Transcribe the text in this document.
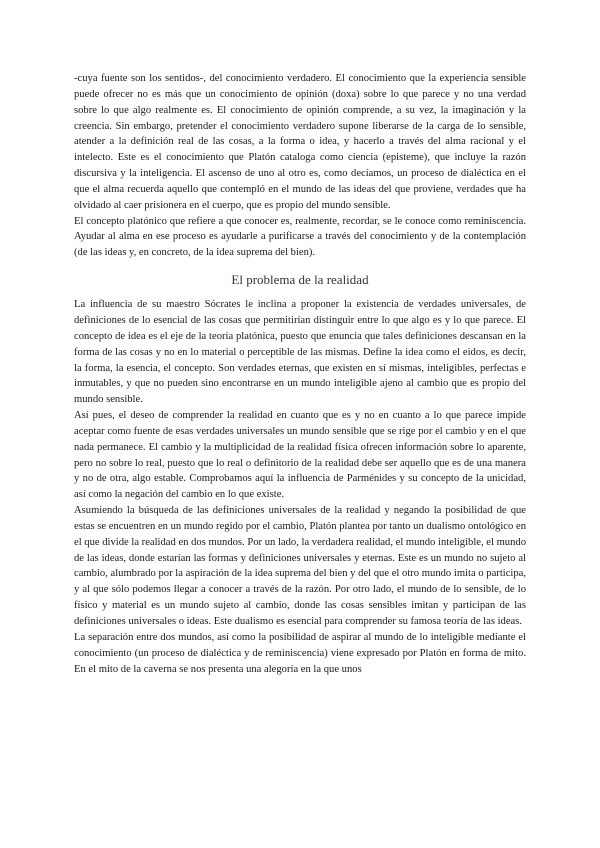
-cuya fuente son los sentidos-, del conocimiento verdadero. El conocimiento que la experiencia sensible puede ofrecer no es más que un conocimiento de opinión (doxa) sobre lo que parece y no una verdad sobre lo que algo realmente es. El conocimiento de opinión comprende, a su vez, la imaginación y la creencia. Sin embargo, pretender el conocimiento verdadero supone liberarse de la carga de lo sensible, atender a la definición real de las cosas, a la forma o idea, y hacerlo a través del alma racional y el intelecto. Este es el conocimiento que Platón cataloga como ciencia (episteme), que incluye la razón discursiva y la inteligencia. El ascenso de uno al otro es, como decíamos, un proceso de dialéctica en el que el alma recuerda aquello que contempló en el mundo de las ideas del que proviene, verdades que ha olvidado al caer prisionera en el cuerpo, que es propio del mundo sensible.

El concepto platónico que refiere a que conocer es, realmente, recordar, se le conoce como reminiscencia. Ayudar al alma en ese proceso es ayudarle a purificarse a través del conocimiento y de la contemplación (de las ideas y, en concreto, de la idea suprema del bien).

El problema de la realidad

La influencia de su maestro Sócrates le inclina a proponer la existencia de verdades universales, de definiciones de lo esencial de las cosas que permitirían distinguir entre lo que algo es y lo que parece. El concepto de idea es el eje de la teoría platónica, puesto que enuncia que tales definiciones descansan en la forma de las cosas y no en lo material o perceptible de las mismas. Define la idea como el eidos, es decir, la forma, la esencia, el concepto. Son verdades eternas, que existen en sí mismas, inteligibles, perfectas e inmutables, y que no pueden sino encontrarse en un mundo inteligible ajeno al cambio que es propio del mundo sensible.

Así pues, el deseo de comprender la realidad en cuanto que es y no en cuanto a lo que parece impide aceptar como fuente de esas verdades universales un mundo sensible que se rige por el cambio y en el que nada permanece. El cambio y la multiplicidad de la realidad física ofrecen información sobre lo aparente, pero no sobre lo real, puesto que lo real o definitorio de la realidad debe ser aquello que es de una manera y no de otra, algo estable. Comprobamos aquí la influencia de Parménides y su concepto de la unicidad, así como la negación del cambio en lo que existe.

Asumiendo la búsqueda de las definiciones universales de la realidad y negando la posibilidad de que estas se encuentren en un mundo regido por el cambio, Platón plantea por tanto un dualismo ontológico en el que divide la realidad en dos mundos. Por un lado, la verdadera realidad, el mundo inteligible, el mundo de las ideas, donde estarían las formas y definiciones universales y eternas. Este es un mundo no sujeto al cambio, alumbrado por la aspiración de la idea suprema del bien y del que el otro mundo imita o participa, y al que sólo podemos llegar a conocer a través de la razón. Por otro lado, el mundo de lo sensible, de lo físico y material es un mundo sujeto al cambio, donde las cosas sensibles imitan y participan de las definiciones universales o ideas. Este dualismo es esencial para comprender su famosa teoría de las ideas.

La separación entre dos mundos, así como la posibilidad de aspirar al mundo de lo inteligible mediante el conocimiento (un proceso de dialéctica y de reminiscencia) viene expresado por Platón en forma de mito. En el mito de la caverna se nos presenta una alegoría en la que unos
